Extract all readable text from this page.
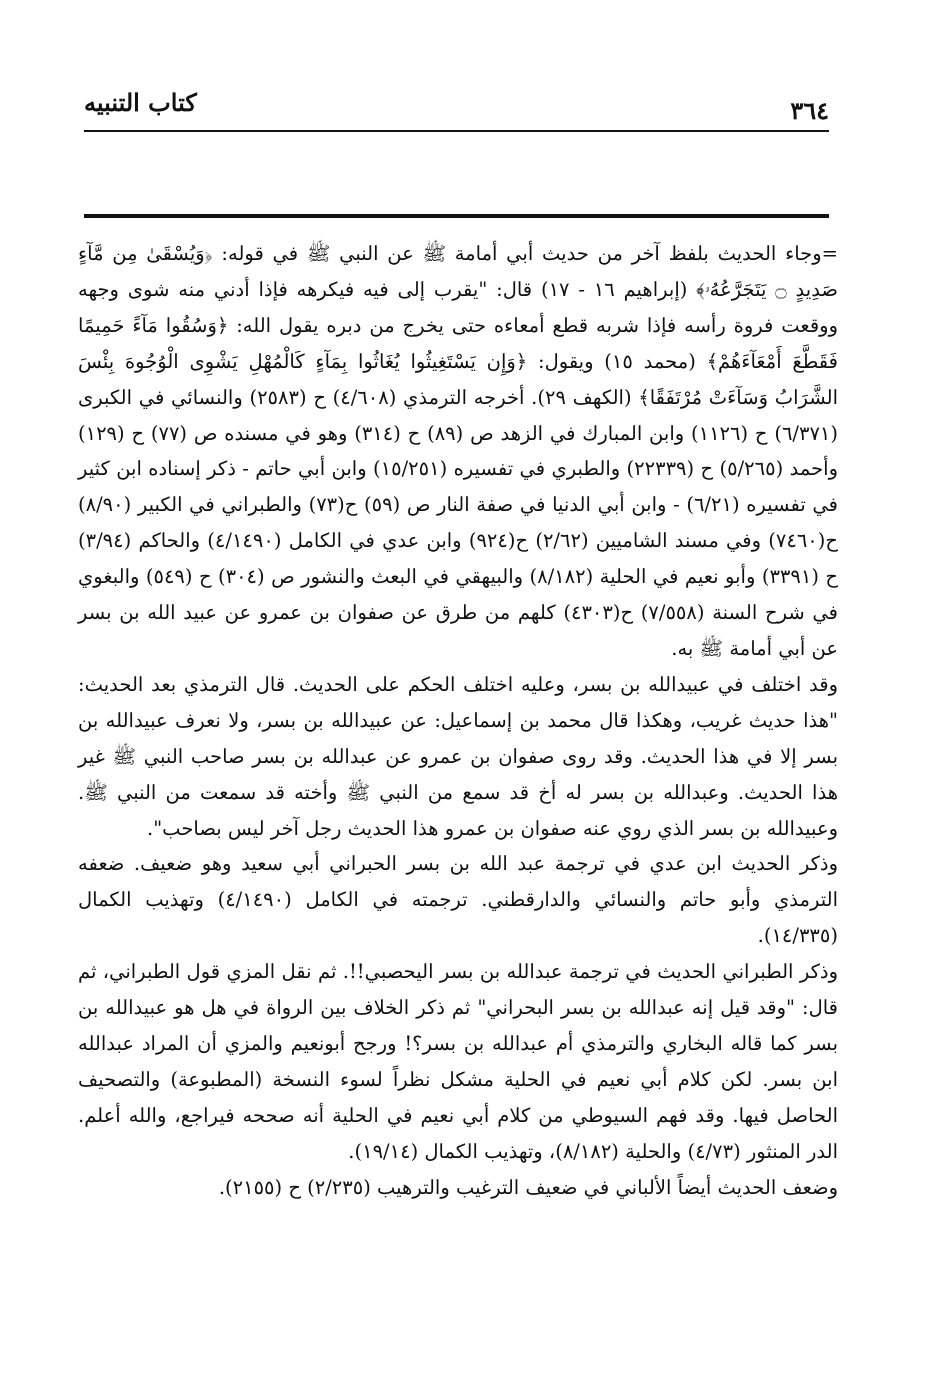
كتاب التنبيه	٣٦٤

=وجاء الحديث بلفظ آخر من حديث أبي أمامة ﷺ عن النبي ﷺ في قوله: ﴿وَيُسْقَىٰ مِن مَّآءٍ صَدِيدٍ ۝ يَتَجَرَّعُهُۥ﴾ (إبراهيم ١٦ - ١٧) قال: "يقرب إلى فيه فيكرهه فإذا أدني منه شوى وجهه ووقعت فروة رأسه فإذا شربه قطع أمعاءه حتى يخرج من دبره يقول الله: ﴿وَسُقُوا مَآءً حَمِيمًا فَقَطَّعَ أَمْعَآءَهُمْ﴾ (محمد ١٥) ويقول: ﴿وَإِن يَسْتَغِيثُوا يُغَاثُوا بِمَآءٍ كَالْمُهْلِ يَشْوِى الْوُجُوهَ بِئْسَ الشَّرَابُ وَسَآءَتْ مُرْتَفَقًا﴾ (الكهف ٢٩). أخرجه الترمذي (٤/٦٠٨) ح (٢٥٨٣) والنسائي في الكبرى (٦/٣٧١) ح (١١٢٦) وابن المبارك في الزهد ص (٨٩) ح (٣١٤) وهو في مسنده ص (٧٧) ح (١٢٩) وأحمد (٥/٢٦٥) ح (٢٢٣٣٩) والطبري في تفسيره (١٥/٢٥١) وابن أبي حاتم - ذكر إسناده ابن كثير في تفسيره (٦/٢١) - وابن أبي الدنيا في صفة النار ص (٥٩) ح(٧٣) والطبراني في الكبير (٨/٩٠) ح(٧٤٦٠) وفي مسند الشاميين (٢/٦٢) ح(٩٢٤) وابن عدي في الكامل (٤/١٤٩٠) والحاكم (٣/٩٤) ح (٣٣٩١) وأبو نعيم في الحلية (٨/١٨٢) والبيهقي في البعث والنشور ص (٣٠٤) ح (٥٤٩) والبغوي في شرح السنة (٧/٥٥٨) ح(٤٣٠٣) كلهم من طرق عن صفوان بن عمرو عن عبيد الله بن بسر عن أبي أمامة ﷺ به.

وقد اختلف في عبيدالله بن بسر، وعليه اختلف الحكم على الحديث. قال الترمذي بعد الحديث: "هذا حديث غريب، وهكذا قال محمد بن إسماعيل: عن عبيدالله بن بسر، ولا نعرف عبيدالله بن بسر إلا في هذا الحديث. وقد روى صفوان بن عمرو عن عبدالله بن بسر صاحب النبي ﷺ غير هذا الحديث. وعبدالله بن بسر له أخ قد سمع من النبي ﷺ وأخته قد سمعت من النبي ﷺ. وعبيدالله بن بسر الذي روي عنه صفوان بن عمرو هذا الحديث رجل آخر ليس بصاحب".

وذكر الحديث ابن عدي في ترجمة عبد الله بن بسر الحبراني أبي سعيد وهو ضعيف. ضعفه الترمذي وأبو حاتم والنسائي والدارقطني. ترجمته في الكامل (٤/١٤٩٠) وتهذيب الكمال (١٤/٣٣٥).

وذكر الطبراني الحديث في ترجمة عبدالله بن بسر اليحصبي!!. ثم نقل المزي قول الطبراني، ثم قال: "وقد قيل إنه عبدالله بن بسر البحراني" ثم ذكر الخلاف بين الرواة في هل هو عبيدالله بن بسر كما قاله البخاري والترمذي أم عبدالله بن بسر؟! ورجح أبونعيم والمزي أن المراد عبدالله ابن بسر. لكن كلام أبي نعيم في الحلية مشكل نظراً لسوء النسخة (المطبوعة) والتصحيف الحاصل فيها. وقد فهم السيوطي من كلام أبي نعيم في الحلية أنه صححه فيراجع، والله أعلم. الدر المنثور (٤/٧٣) والحلية (٨/١٨٢)، وتهذيب الكمال (١٩/١٤).

وضعف الحديث أيضاً الألباني في ضعيف الترغيب والترهيب (٢/٢٣٥) ح (٢١٥٥).
